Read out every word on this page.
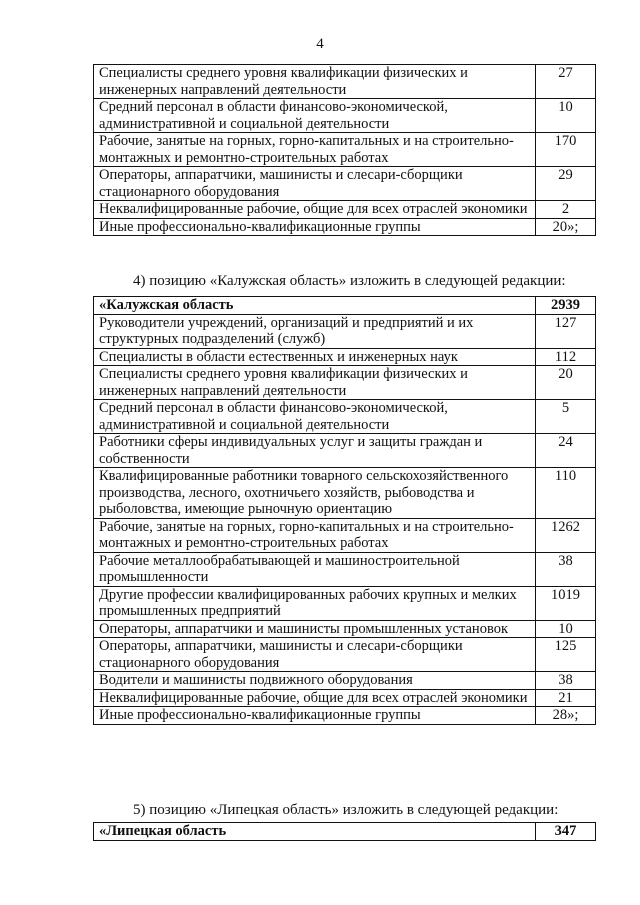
4
Специалисты среднего уровня квалификации физических и инженерных направлений деятельности	27
Средний персонал в области финансово-экономической, административной и социальной деятельности	10
Рабочие, занятые на горных, горно-капитальных и на строительно-монтажных и ремонтно-строительных работах	170
Операторы, аппаратчики, машинисты и слесари-сборщики стационарного оборудования	29
Неквалифицированные рабочие, общие для всех отраслей экономики	2
Иные профессионально-квалификационные группы	20»;
4) позицию «Калужская область» изложить в следующей редакции:
«Калужская область	2939
Руководители учреждений, организаций и предприятий и их структурных подразделений (служб)	127
Специалисты в области естественных и инженерных наук	112
Специалисты среднего уровня квалификации физических и инженерных направлений деятельности	20
Средний персонал в области финансово-экономической, административной и социальной деятельности	5
Работники сферы индивидуальных услуг и защиты граждан и собственности	24
Квалифицированные работники товарного сельскохозяйственного производства, лесного, охотничьего хозяйств, рыбоводства и рыболовства, имеющие рыночную ориентацию	110
Рабочие, занятые на горных, горно-капитальных и на строительно-монтажных и ремонтно-строительных работах	1262
Рабочие металлообрабатывающей и машиностроительной промышленности	38
Другие профессии квалифицированных рабочих крупных и мелких промышленных предприятий	1019
Операторы, аппаратчики и машинисты промышленных установок	10
Операторы, аппаратчики, машинисты и слесари-сборщики стационарного оборудования	125
Водители и машинисты подвижного оборудования	38
Неквалифицированные рабочие, общие для всех отраслей экономики	21
Иные профессионально-квалификационные группы	28»;
5) позицию «Липецкая область» изложить в следующей редакции:
«Липецкая область	347
